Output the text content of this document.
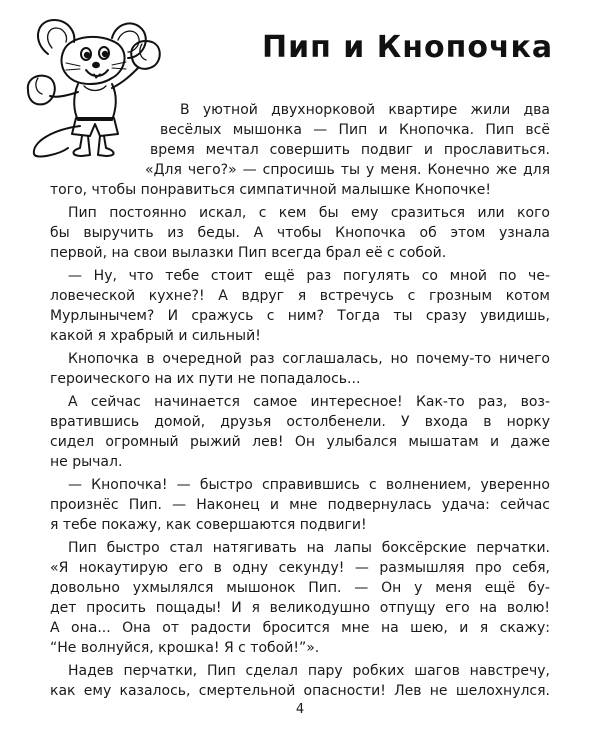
Пип и Кнопочка
В уютной двухнорковой квартире жили два
весёлых мышонка — Пип и Кнопочка. Пип всё
время мечтал совершить подвиг и прославиться.
«Для чего?» — спросишь ты у меня. Конечно же для
того, чтобы понравиться симпатичной малышке Кнопочке!
Пип постоянно искал, с кем бы ему сразиться или кого
бы выручить из беды. А чтобы Кнопочка об этом узнала
первой, на свои вылазки Пип всегда брал её с собой.
— Ну, что тебе стоит ещё раз погулять со мной по че-
ловеческой кухне?! А вдруг я встречусь с грозным котом
Мурлынычем? И сражусь с ним? Тогда ты сразу увидишь,
какой я храбрый и сильный!
Кнопочка в очередной раз соглашалась, но почему-то ничего
героического на их пути не попадалось...
А сейчас начинается самое интересное! Как-то раз, воз-
вратившись домой, друзья остолбенели. У входа в норку
сидел огромный рыжий лев! Он улыбался мышатам и даже
не рычал.
— Кнопочка! — быстро справившись с волнением, уверенно
произнёс Пип. — Наконец и мне подвернулась удача: сейчас
я тебе покажу, как совершаются подвиги!
Пип быстро стал натягивать на лапы боксёрские перчатки.
«Я нокаутирую его в одну секунду! — размышляя про себя,
довольно ухмылялся мышонок Пип. — Он у меня ещё бу-
дет просить пощады! И я великодушно отпущу его на волю!
А она... Она от радости бросится мне на шею, и я скажу:
“Не волнуйся, крошка! Я с тобой!”».
Надев перчатки, Пип сделал пару робких шагов навстречу,
как ему казалось, смертельной опасности! Лев не шелохнулся.
4
